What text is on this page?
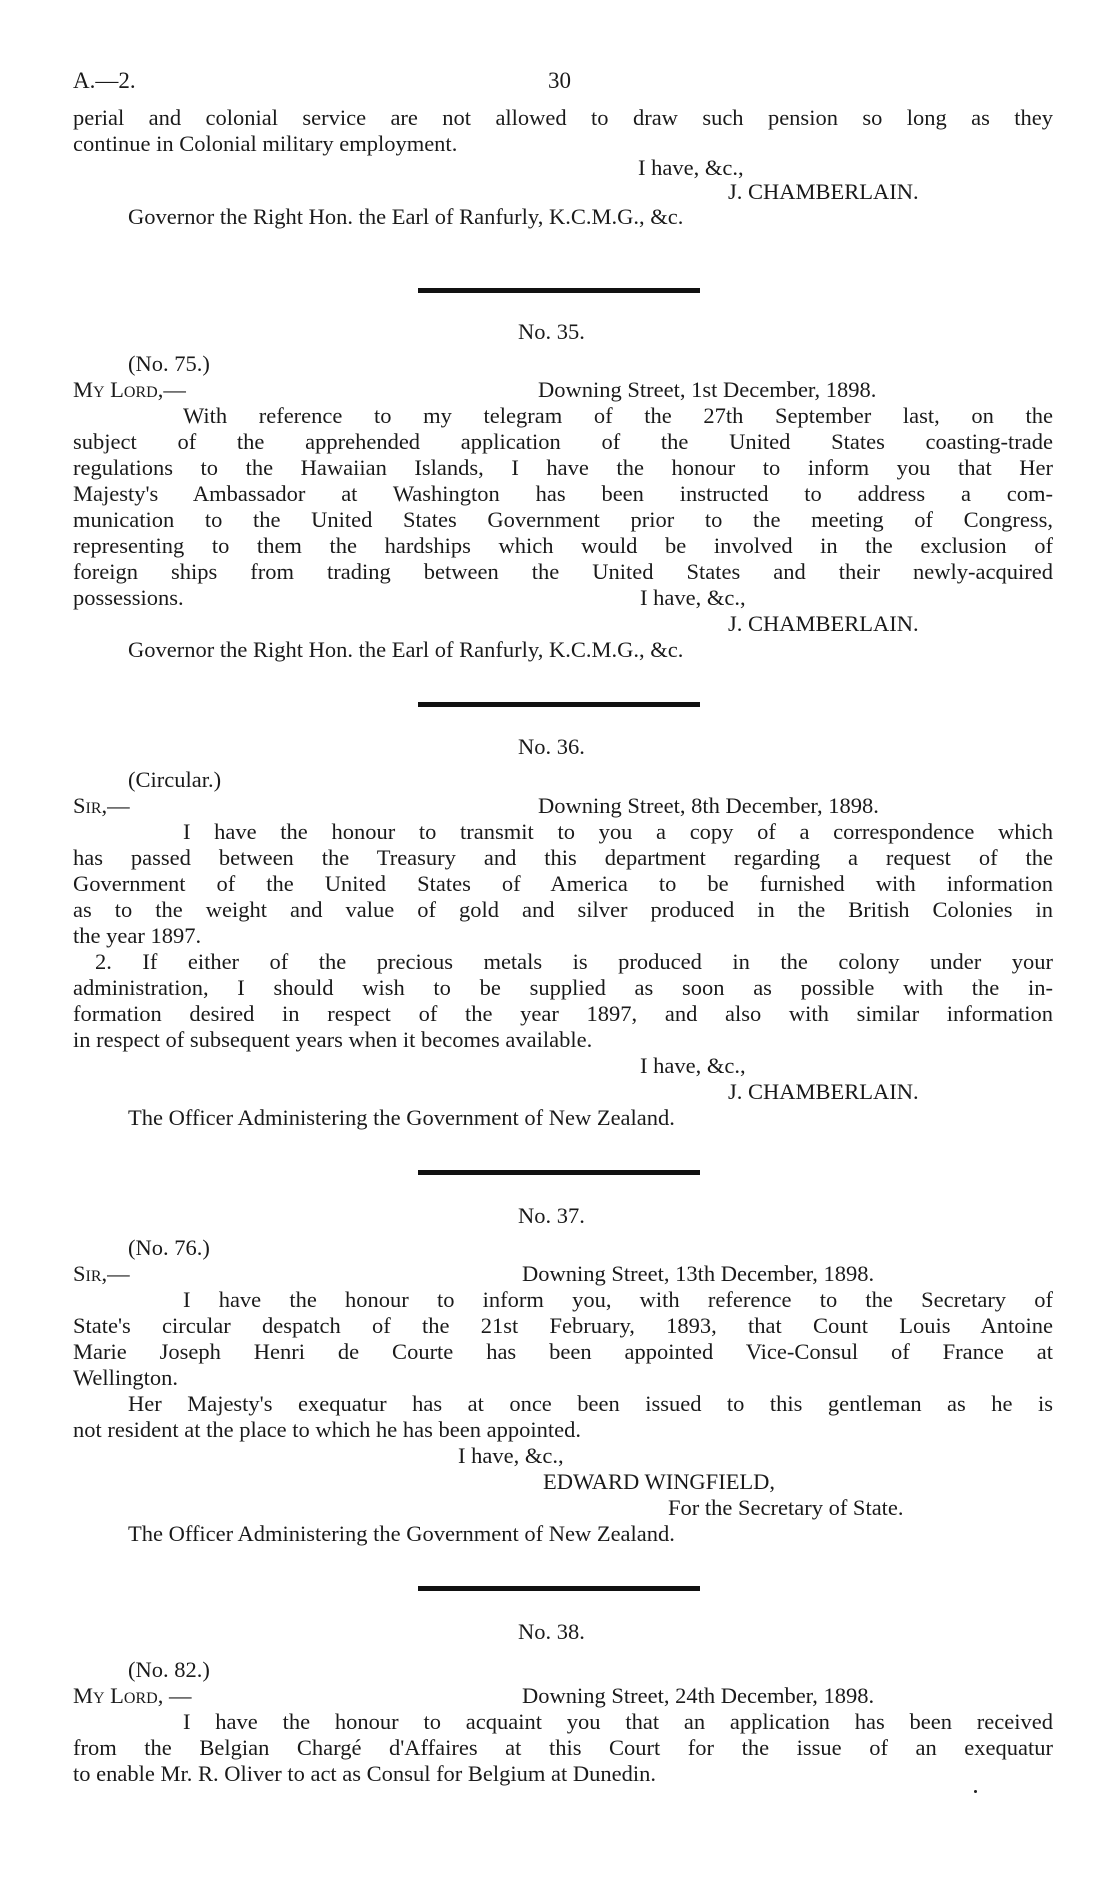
A.—2.	30
perial and colonial service are not allowed to draw such pension so long as they
continue in Colonial military employment.
I have, &c.,
J. CHAMBERLAIN.
Governor the Right Hon. the Earl of Ranfurly, K.C.M.G., &c.
No. 35.
(No. 75.)
My Lord,—	Downing Street, 1st December, 1898.
With reference to my telegram of the 27th September last, on the
subject of the apprehended application of the United States coasting-trade
regulations to the Hawaiian Islands, I have the honour to inform you that Her
Majesty's Ambassador at Washington has been instructed to address a com-
munication to the United States Government prior to the meeting of Congress,
representing to them the hardships which would be involved in the exclusion of
foreign ships from trading between the United States and their newly-acquired
possessions.	I have, &c.,
J. CHAMBERLAIN.
Governor the Right Hon. the Earl of Ranfurly, K.C.M.G., &c.
No. 36.
(Circular.)
Sir,—	Downing Street, 8th December, 1898.
I have the honour to transmit to you a copy of a correspondence which
has passed between the Treasury and this department regarding a request of the
Government of the United States of America to be furnished with information
as to the weight and value of gold and silver produced in the British Colonies in
the year 1897.
2. If either of the precious metals is produced in the colony under your
administration, I should wish to be supplied as soon as possible with the in-
formation desired in respect of the year 1897, and also with similar information
in respect of subsequent years when it becomes available.
I have, &c.,
J. CHAMBERLAIN.
The Officer Administering the Government of New Zealand.
No. 37.
(No. 76.)
Sir,—	Downing Street, 13th December, 1898.
I have the honour to inform you, with reference to the Secretary of
State's circular despatch of the 21st February, 1893, that Count Louis Antoine
Marie Joseph Henri de Courte has been appointed Vice-Consul of France at
Wellington.
Her Majesty's exequatur has at once been issued to this gentleman as he is
not resident at the place to which he has been appointed.
I have, &c.,
EDWARD WINGFIELD,
For the Secretary of State.
The Officer Administering the Government of New Zealand.
No. 38.
(No. 82.)
My Lord, —	Downing Street, 24th December, 1898.
I have the honour to acquaint you that an application has been received
from the Belgian Chargé d'Affaires at this Court for the issue of an exequatur
to enable Mr. R. Oliver to act as Consul for Belgium at Dunedin.
